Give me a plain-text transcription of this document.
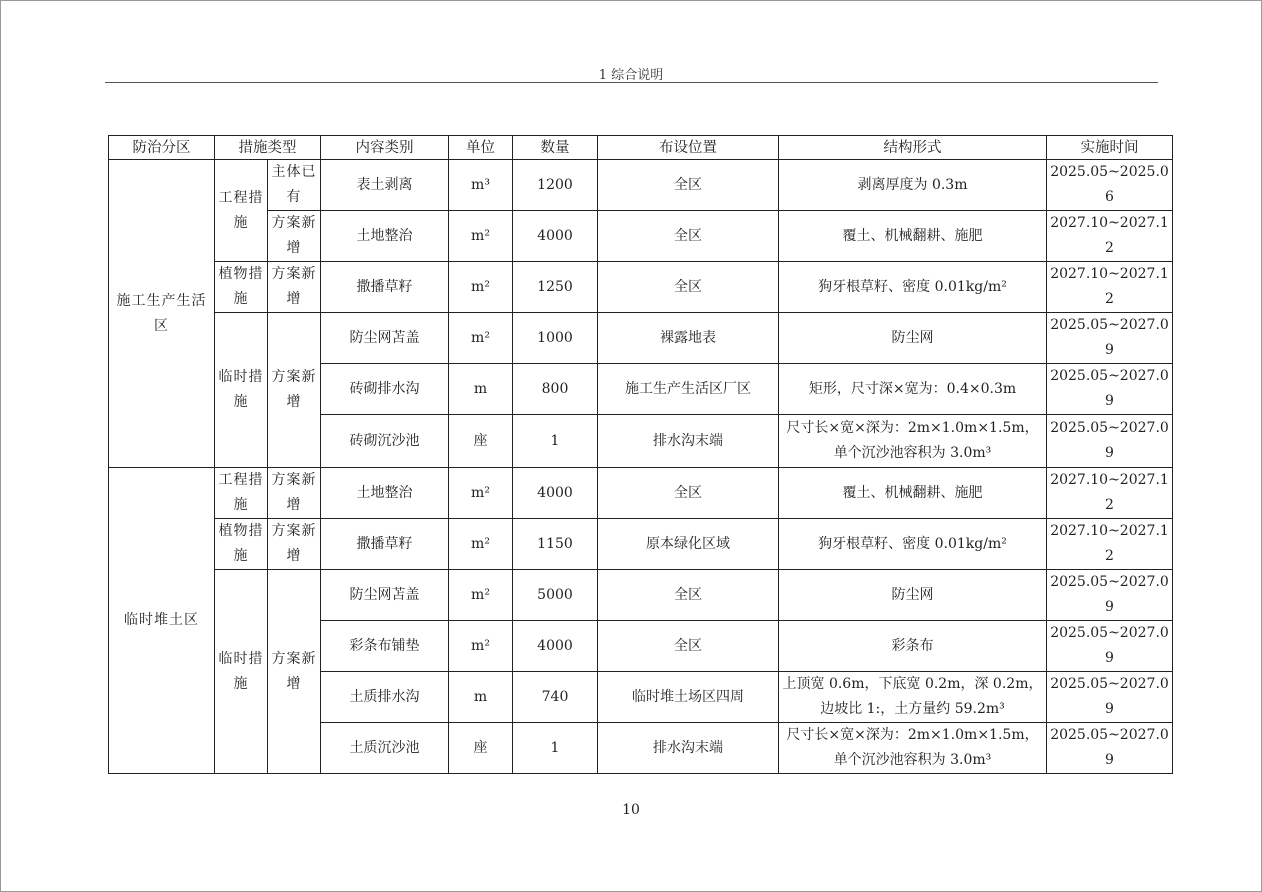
1 综合说明
防治分区	措施类型		内容类别	单位	数量	布设位置	结构形式	实施时间
施工生产生活区	工程措施	主体已有	表土剥离	m³	1200	全区	剥离厚度为 0.3m	2025.05~2025.06
		方案新增	土地整治	m²	4000	全区	覆土、机械翻耕、施肥	2027.10~2027.12
	植物措施	方案新增	撒播草籽	m²	1250	全区	狗牙根草籽、密度 0.01kg/m²	2027.10~2027.12
	临时措施	方案新增	防尘网苫盖	m²	1000	裸露地表	防尘网	2025.05~2027.09
			砖砌排水沟	m	800	施工生产生活区厂区	矩形，尺寸深×宽为：0.4×0.3m	2025.05~2027.09
			砖砌沉沙池	座	1	排水沟末端	尺寸长×宽×深为：2m×1.0m×1.5m，单个沉沙池容积为 3.0m³	2025.05~2027.09
临时堆土区	工程措施	方案新增	土地整治	m²	4000	全区	覆土、机械翻耕、施肥	2027.10~2027.12
	植物措施	方案新增	撒播草籽	m²	1150	原本绿化区域	狗牙根草籽、密度 0.01kg/m²	2027.10~2027.12
	临时措施	方案新增	防尘网苫盖	m²	5000	全区	防尘网	2025.05~2027.09
			彩条布铺垫	m²	4000	全区	彩条布	2025.05~2027.09
			土质排水沟	m	740	临时堆土场区四周	上顶宽 0.6m，下底宽 0.2m，深 0.2m，边坡比 1:，土方量约 59.2m³	2025.05~2027.09
			土质沉沙池	座	1	排水沟末端	尺寸长×宽×深为：2m×1.0m×1.5m，单个沉沙池容积为 3.0m³	2025.05~2027.09
10
